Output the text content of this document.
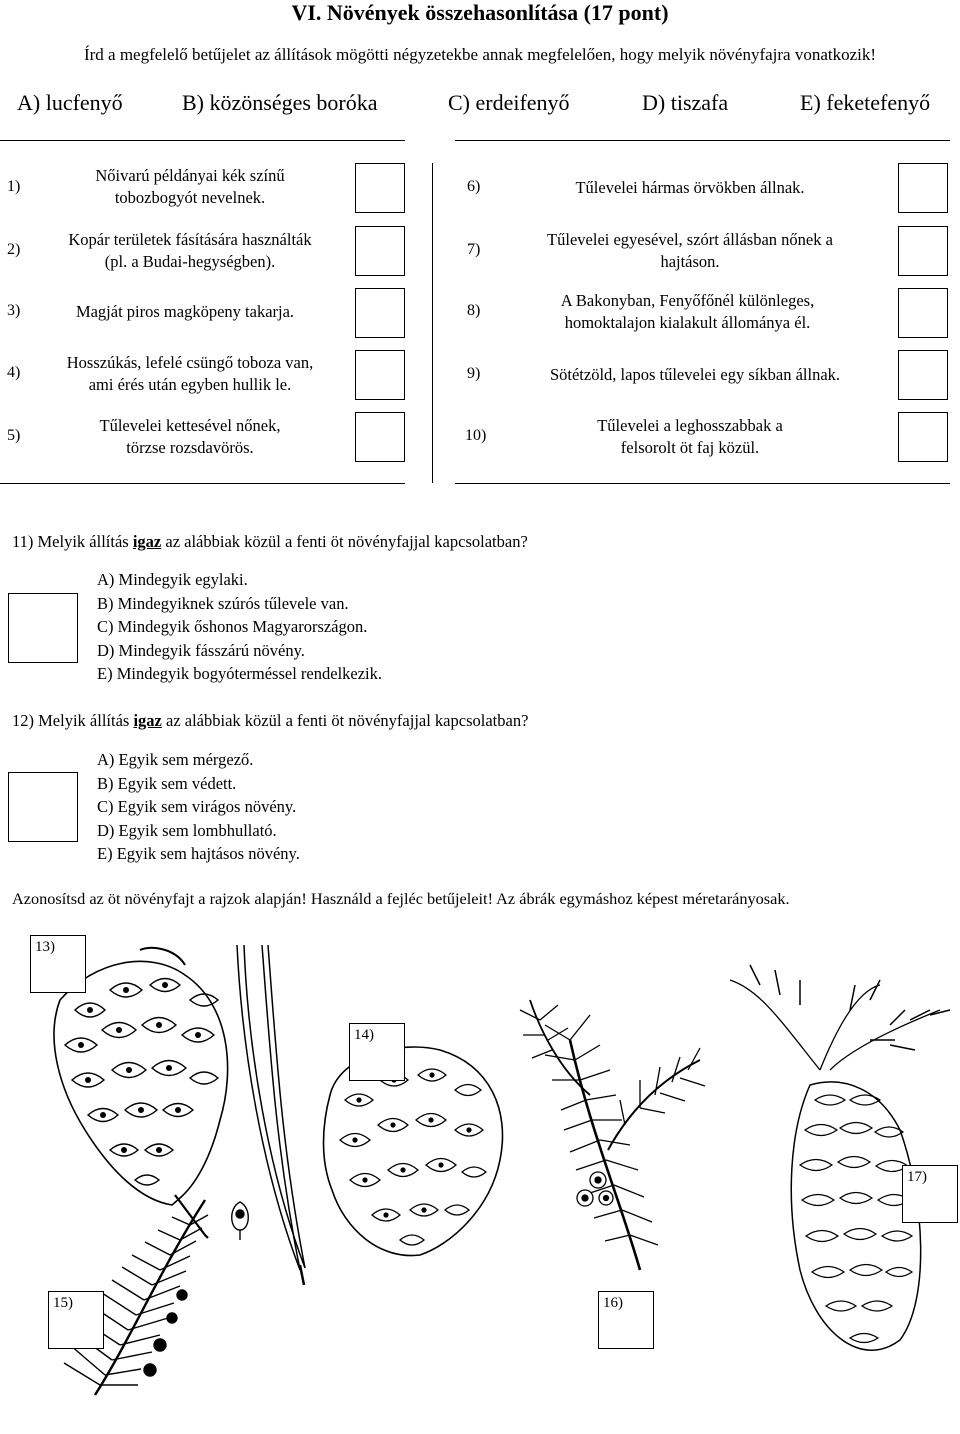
VI. Növények összehasonlítása (17 pont)
Írd a megfelelő betűjelet az állítások mögötti négyzetekbe annak megfelelően, hogy melyik növényfajra vonatkozik!
A) lucfenyő	B) közönséges boróka	C) erdeifenyő	D) tiszafa	E) feketefenyő
1)
Nőivarú példányai kék színű
tobozbogyót nevelnek.
2)
Kopár területek fásítására használták
(pl. a Budai-hegységben).
3)	Magját piros magköpeny takarja.
4)
Hosszúkás, lefelé csüngő toboza van,
ami érés után egyben hullik le.
5)
Tűlevelei kettesével nőnek,
törzse rozsdavörös.
6)	Tűlevelei hármas örvökben állnak.
7)
Tűlevelei egyesével, szórt állásban nőnek a
hajtáson.
8)
A Bakonyban, Fenyőfőnél különleges,
homoktalajon kialakult állománya él.
9)	Sötétzöld, lapos tűlevelei egy síkban állnak.
10)
Tűlevelei a leghosszabbak a
felsorolt öt faj közül.
11) Melyik állítás igaz az alábbiak közül a fenti öt növényfajjal kapcsolatban?
A) Mindegyik egylaki.
B) Mindegyiknek szúrós tűlevele van.
C) Mindegyik őshonos Magyarországon.
D) Mindegyik fásszárú növény.
E) Mindegyik bogyóterméssel rendelkezik.
12) Melyik állítás igaz az alábbiak közül a fenti öt növényfajjal kapcsolatban?
A) Egyik sem mérgező.
B) Egyik sem védett.
C) Egyik sem virágos növény.
D) Egyik sem lombhullató.
E) Egyik sem hajtásos növény.
Azonosítsd az öt növényfajt a rajzok alapján! Használd a fejléc betűjeleit! Az ábrák egymáshoz képest méretarányosak.
13)
14)
15)	16)
17)
